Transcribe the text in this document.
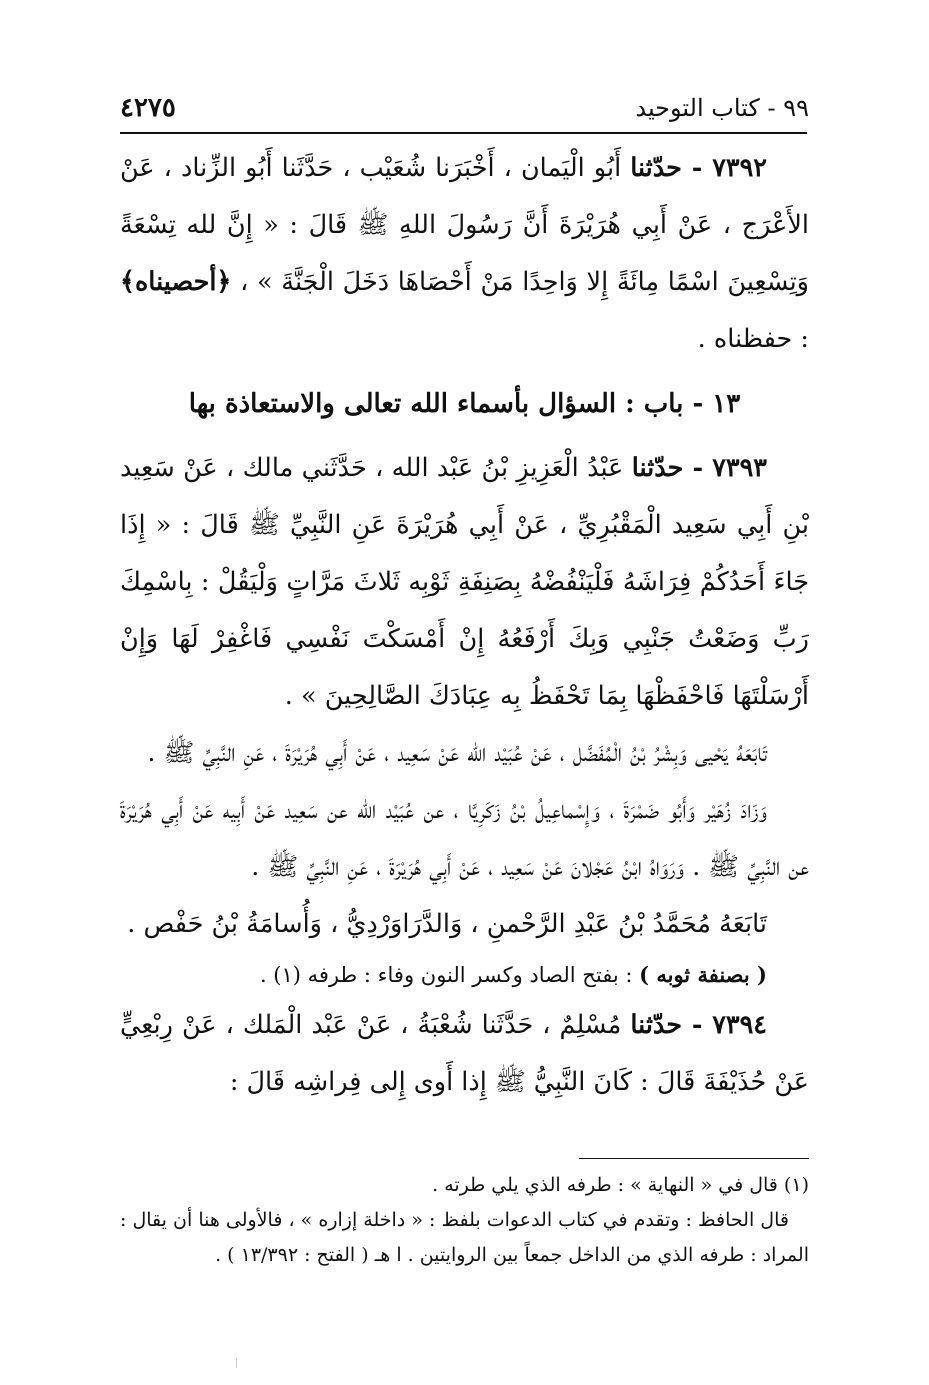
٤٢٧٥	٩٩ - كتاب التوحيد

٧٣٩٢ - حدّثنا أَبُو الْيَمان ، أَخْبَرَنا شُعَيْب ، حَدَّثَنا أَبُو الزِّناد ، عَنْ الأَعْرَج ، عَنْ أَبِي هُرَيْرَةَ أَنَّ رَسُولَ اللهِ ﷺ قَالَ : « إِنَّ لله تِسْعَةً وَتِسْعِينَ اسْمًا مِائَةً إِلا وَاحِدًا مَنْ أَحْصَاهَا دَخَلَ الْجَنَّةَ » ، ﴿أحصيناه﴾ : حفظناه .

١٣ - باب : السؤال بأسماء الله تعالى والاستعاذة بها

٧٣٩٣ - حدّثنا عَبْدُ الْعَزِيزِ بْنُ عَبْد الله ، حَدَّثَني مالك ، عَنْ سَعِيد بْنِ أَبِي سَعِيد الْمَقْبُرِيِّ ، عَنْ أَبِي هُرَيْرَةَ عَنِ النَّبِيِّ ﷺ قَالَ : « إِذَا جَاءَ أَحَدُكُمْ فِرَاشَهُ فَلْيَنْفُضْهُ بِصَنِفَةِ ثَوْبِه ثَلاثَ مَرَّاتٍ وَلْيَقُلْ : بِاسْمِكَ رَبِّ وَضَعْتُ جَنْبِي وَبِكَ أَرْفَعُهُ إِنْ أَمْسَكْتَ نَفْسِي فَاغْفِرْ لَهَا وَإِنْ أَرْسَلْتَهَا فَاحْفَظْهَا بِمَا تَحْفَظُ بِه عِبَادَكَ الصَّالِحِينَ » .

تَابَعَهُ يَحْيى وَبِشْرُ بْنُ الْمُفَضَّل ، عَنْ عُبَيْد الله عَنْ سَعِيد ، عَنْ أَبِي هُرَيْرَةَ ، عَنِ النَّبِيِّ ﷺ .

وَزَادَ زُهَيْر وَأَبُو ضَمْرَةَ ، وَإِسْماعِيلُ بْنُ زَكَرِيَّا ، عن عُبَيْد الله عن سَعِيد عَنْ أَبِيه عَنْ أَبِي هُرَيْرَةَ عن النَّبِيِّ ﷺ . وَرَوَاهُ ابْنُ عَجْلانَ عَنْ سَعِيد ، عَنْ أَبِي هُرَيْرَةَ ، عَنِ النَّبِيِّ ﷺ .

تَابَعَهُ مُحَمَّدُ بْنُ عَبْدِ الرَّحْمنِ ، وَالدَّرَاوَرْدِيُّ ، وَأُسامَةُ بْنُ حَفْص .

( بصنفة ثوبه ) : بفتح الصاد وكسر النون وفاء : طرفه (١) .

٧٣٩٤ - حدّثنا مُسْلِمٌ ، حَدَّثَنا شُعْبَةُ ، عَنْ عَبْد الْمَلك ، عَنْ رِبْعِيٍّ عَنْ حُذَيْفَةَ قَالَ : كَانَ النَّبِيُّ ﷺ إِذا أَوى إِلى فِراشِه قَالَ :

(١) قال في « النهاية » : طرفه الذي يلي طرته .

قال الحافظ : وتقدم في كتاب الدعوات بلفظ : « داخلة إزاره » ، فالأولى هنا أن يقال : المراد : طرفه الذي من الداخل جمعاً بين الروايتين . ا هـ ( الفتح : ١٣/٣٩٢ ) .
